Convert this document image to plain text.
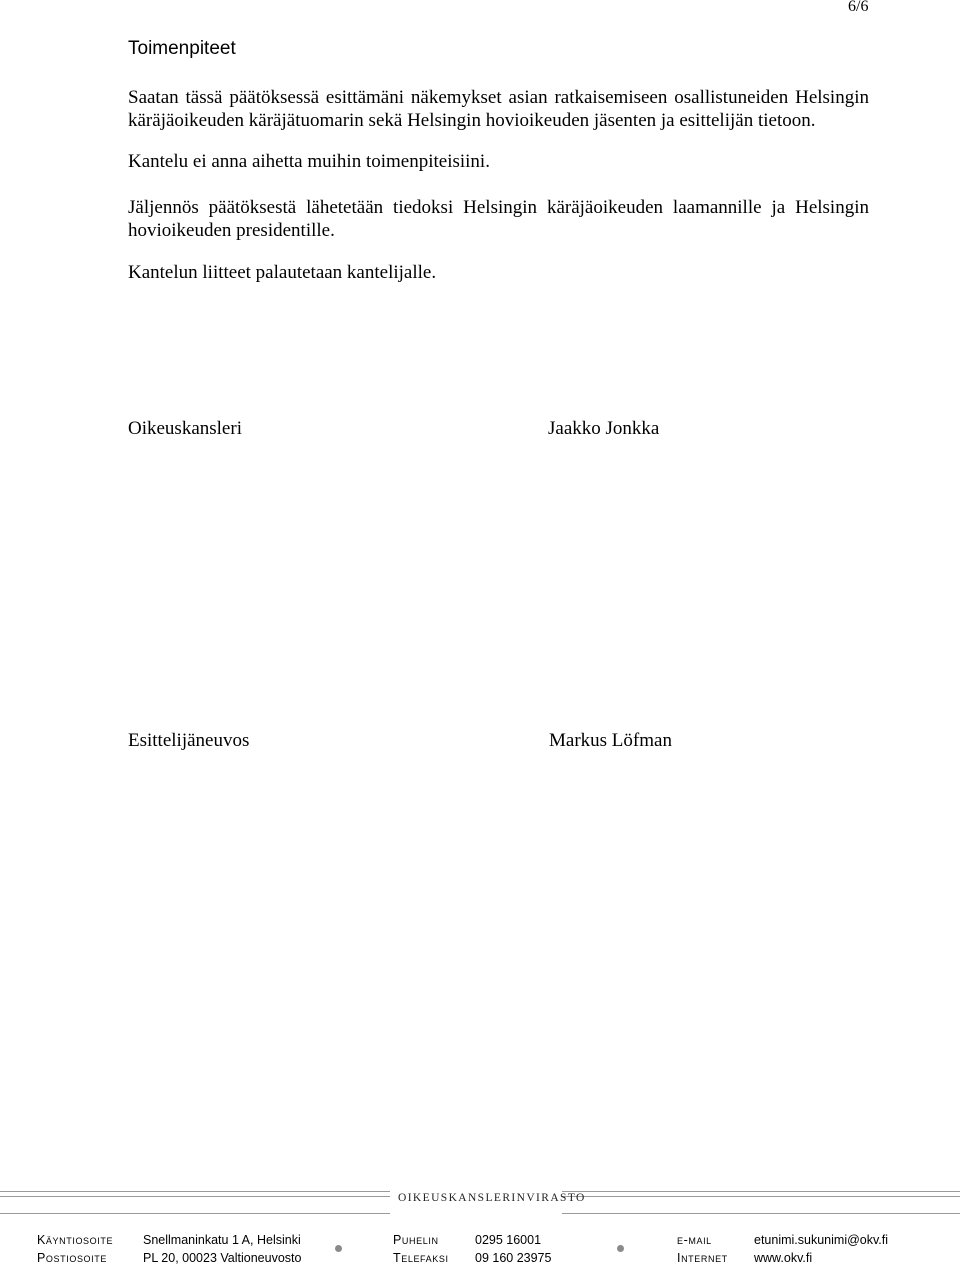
6/6
Toimenpiteet
Saatan tässä päätöksessä esittämäni näkemykset asian ratkaisemiseen osallistuneiden Helsingin käräjäoikeuden käräjätuomarin sekä Helsingin hovioikeuden jäsenten ja esittelijän tietoon.
Kantelu ei anna aihetta muihin toimenpiteisiini.
Jäljennös päätöksestä lähetetään tiedoksi Helsingin käräjäoikeuden laamannille ja Helsingin hovioikeuden presidentille.
Kantelun liitteet palautetaan kantelijalle.
Oikeuskansleri	Jaakko Jonkka
Esittelijäneuvos	Markus Löfman
OIKEUSKANSLERINVIRASTO
Käyntiosoite Snellmaninkatu 1 A, Helsinki
Postiosoite	PL 20, 00023 Valtioneuvosto
Puhelin	0295 16001
Telefaksi 09 160 23975
e-mail	etunimi.sukunimi@okv.fi
Internet www.okv.fi
